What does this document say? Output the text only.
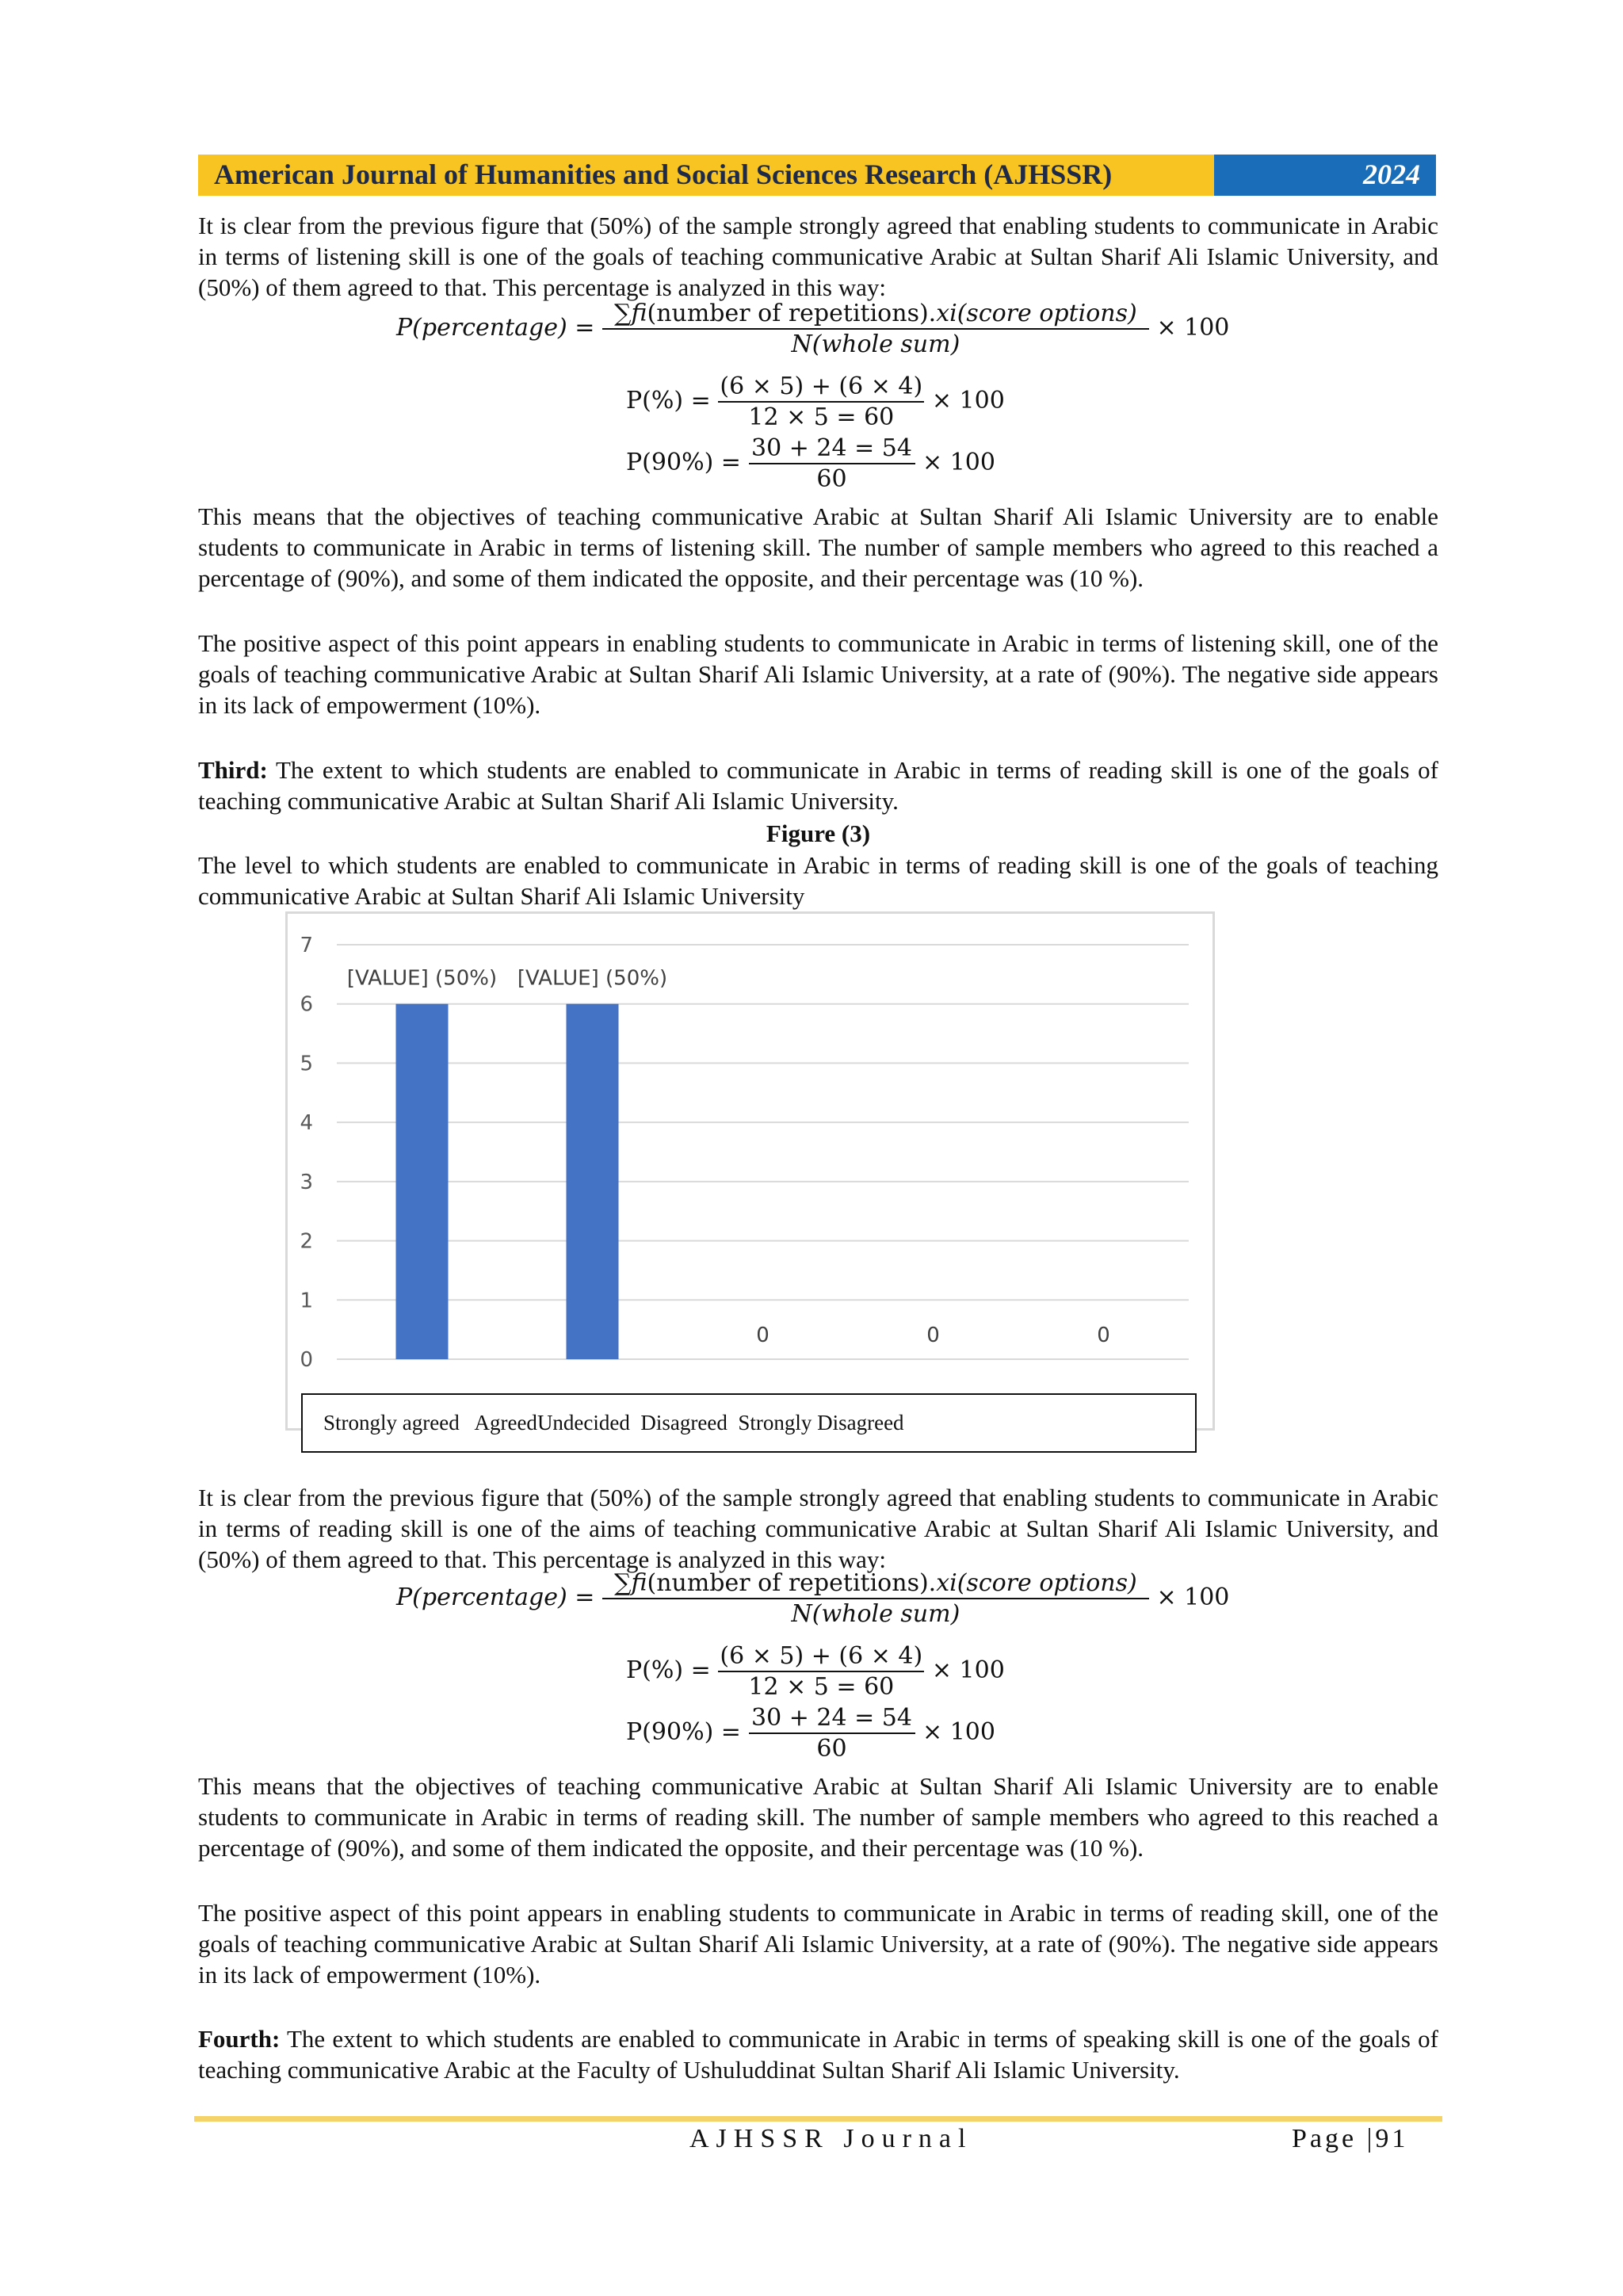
American Journal of Humanities and Social Sciences Research (AJHSSR)	2024
It is clear from the previous figure that (50%) of the sample strongly agreed that enabling students to communicate in Arabic in terms of listening skill is one of the goals of teaching communicative Arabic at Sultan Sharif Ali Islamic University, and (50%) of them agreed to that. This percentage is analyzed in this way:
P(percentage) = $\frac{\text{∑fi(number of repetitions).xi(score options)}}{\text{N(whole sum)}} \times 100$
$P(\%) = \frac{(6 \times 5) + (6 \times 4)}{12 \times 5 = 60} \times 100$
$P(90\%) = \frac{30 + 24 = 54}{60} \times 100$
This means that the objectives of teaching communicative Arabic at Sultan Sharif Ali Islamic University are to enable students to communicate in Arabic in terms of listening skill. The number of sample members who agreed to this reached a percentage of (90%), and some of them indicated the opposite, and their percentage was (10 %).
The positive aspect of this point appears in enabling students to communicate in Arabic in terms of listening skill, one of the goals of teaching communicative Arabic at Sultan Sharif Ali Islamic University, at a rate of (90%). The negative side appears in its lack of empowerment (10%).
Third: The extent to which students are enabled to communicate in Arabic in terms of reading skill is one of the goals of teaching communicative Arabic at Sultan Sharif Ali Islamic University.
Figure (3)
The level to which students are enabled to communicate in Arabic in terms of reading skill is one of the goals of teaching communicative Arabic at Sultan Sharif Ali Islamic University
0
1
2
3
4
5
6
7
[VALUE] (50%) [VALUE] (50%)
0	0	0
Strongly agreed   AgreedUndecided  Disagreed  Strongly Disagreed
It is clear from the previous figure that (50%) of the sample strongly agreed that enabling students to communicate in Arabic in terms of reading skill is one of the aims of teaching communicative Arabic at Sultan Sharif Ali Islamic University, and (50%) of them agreed to that. This percentage is analyzed in this way:
P(percentage) = $\frac{\text{∑fi(number of repetitions).xi(score options)}}{\text{N(whole sum)}} \times 100$
$P(\%) = \frac{(6 \times 5) + (6 \times 4)}{12 \times 5 = 60} \times 100$
$P(90\%) = \frac{30 + 24 = 54}{60} \times 100$
This means that the objectives of teaching communicative Arabic at Sultan Sharif Ali Islamic University are to enable students to communicate in Arabic in terms of reading skill. The number of sample members who agreed to this reached a percentage of (90%), and some of them indicated the opposite, and their percentage was (10 %).
The positive aspect of this point appears in enabling students to communicate in Arabic in terms of reading skill, one of the goals of teaching communicative Arabic at Sultan Sharif Ali Islamic University, at a rate of (90%). The negative side appears in its lack of empowerment (10%).
Fourth: The extent to which students are enabled to communicate in Arabic in terms of speaking skill is one of the goals of teaching communicative Arabic at the Faculty of Ushuluddinat Sultan Sharif Ali Islamic University.
AJHSSR Journal	Page |91
